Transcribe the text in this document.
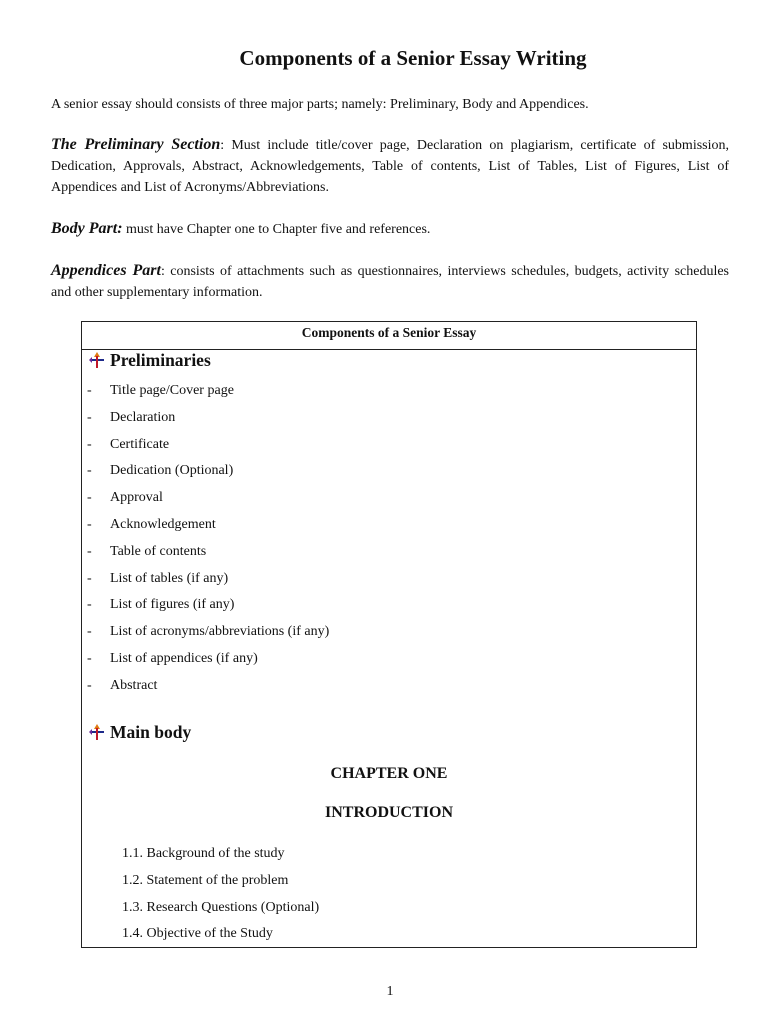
Components of a Senior Essay Writing

A senior essay should consists of three major parts; namely: Preliminary, Body and Appendices.

The Preliminary Section: Must include title/cover page, Declaration on plagiarism, certificate of submission, Dedication, Approvals, Abstract, Acknowledgements, Table of contents, List of Tables, List of Figures, List of Appendices and List of Acronyms/Abbreviations.

Body Part: must have Chapter one to Chapter five and references.

Appendices Part: consists of attachments such as questionnaires, interviews schedules, budgets, activity schedules and other supplementary information.

Components of a Senior Essay
Preliminaries
- Title page/Cover page
- Declaration
- Certificate
- Dedication (Optional)
- Approval
- Acknowledgement
- Table of contents
- List of tables (if any)
- List of figures (if any)
- List of acronyms/abbreviations (if any)
- List of appendices (if any)
- Abstract
Main body
CHAPTER ONE
INTRODUCTION
1.1. Background of the study
1.2. Statement of the problem
1.3. Research Questions (Optional)
1.4. Objective of the Study
1
